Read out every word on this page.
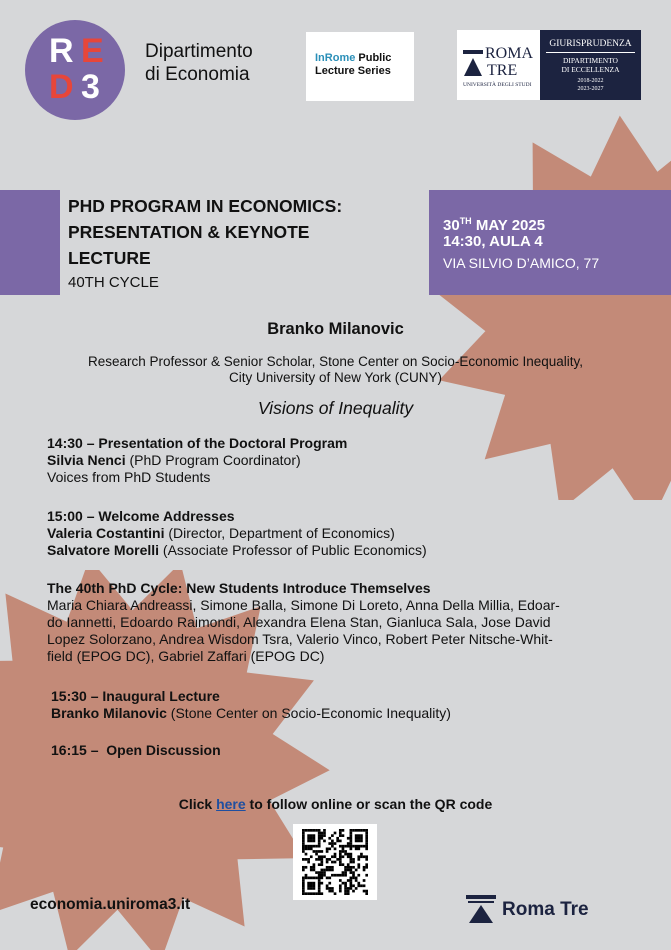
R E
D 3
Dipartimento
di Economia
InRome Public
Lecture Series
ROMA
TRE
UNIVERSITÀ DEGLI STUDI
GIURISPRUDENZA
DIPARTIMENTO
DI ECCELLENZA
2018-2022
2023-2027
PHD PROGRAM IN ECONOMICS:
PRESENTATION & KEYNOTE
LECTURE
40TH CYCLE
30TH MAY 2025
14:30, AULA 4
VIA SILVIO D’AMICO, 77
Branko Milanovic
Research Professor & Senior Scholar, Stone Center on Socio-Economic Inequality,
City University of New York (CUNY)
Visions of Inequality
14:30 – Presentation of the Doctoral Program
Silvia Nenci (PhD Program Coordinator)
Voices from PhD Students
15:00 – Welcome Addresses
Valeria Costantini (Director, Department of Economics)
Salvatore Morelli (Associate Professor of Public Economics)
The 40th PhD Cycle: New Students Introduce Themselves
Maria Chiara Andreassi, Simone Balla, Simone Di Loreto, Anna Della Millia, Edoar-
do Iannetti, Edoardo Raimondi, Alexandra Elena Stan, Gianluca Sala, Jose David
Lopez Solorzano, Andrea Wisdom Tsra, Valerio Vinco, Robert Peter Nitsche-Whit-
field (EPOG DC), Gabriel Zaffari (EPOG DC)
15:30 – Inaugural Lecture
Branko Milanovic (Stone Center on Socio-Economic Inequality)
16:15 –  Open Discussion
Click here to follow online or scan the QR code
economia.uniroma3.it	Roma Tre
